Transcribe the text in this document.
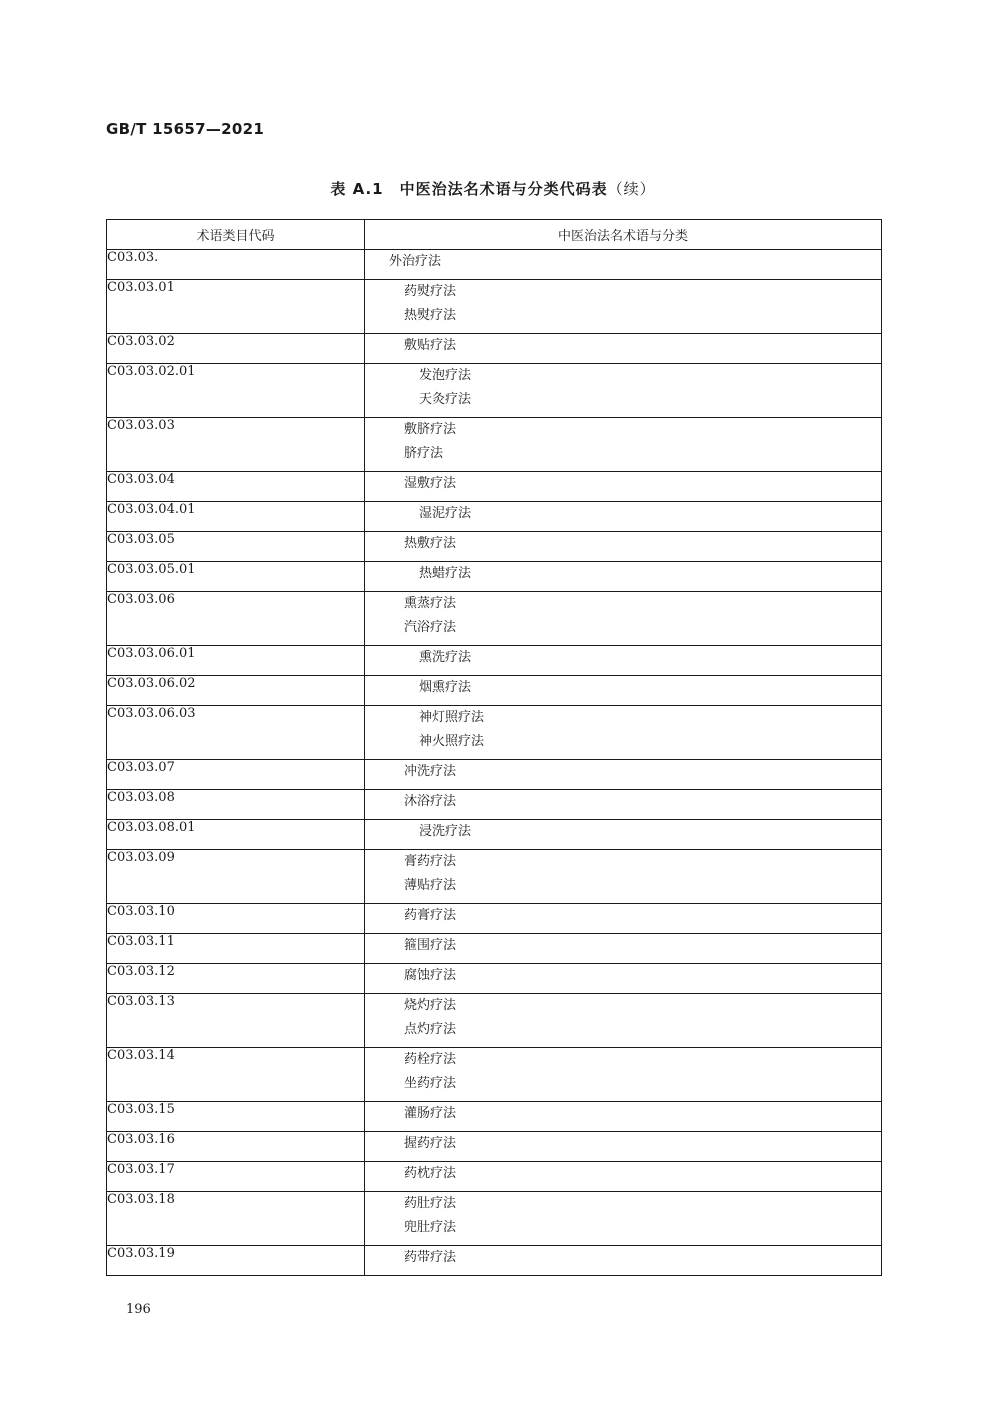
GB/T 15657—2021
表 A.1　中医治法名术语与分类代码表（续）
术语类目代码	中医治法名术语与分类
C03.03.	外治疗法

C03.03.01	药熨疗法
热熨疗法

C03.03.02	敷贴疗法

C03.03.02.01	发泡疗法
天灸疗法

C03.03.03	敷脐疗法
脐疗法

C03.03.04	湿敷疗法

C03.03.04.01	湿泥疗法

C03.03.05	热敷疗法

C03.03.05.01	热蜡疗法

C03.03.06	熏蒸疗法
汽浴疗法

C03.03.06.01	熏洗疗法

C03.03.06.02	烟熏疗法

C03.03.06.03	神灯照疗法
神火照疗法

C03.03.07	冲洗疗法

C03.03.08	沐浴疗法

C03.03.08.01	浸洗疗法

C03.03.09	膏药疗法
薄贴疗法

C03.03.10	药膏疗法

C03.03.11	箍围疗法

C03.03.12	腐蚀疗法

C03.03.13	烧灼疗法
点灼疗法

C03.03.14	药栓疗法
坐药疗法

C03.03.15	灌肠疗法

C03.03.16	握药疗法

C03.03.17	药枕疗法

C03.03.18	药肚疗法
兜肚疗法

C03.03.19	药带疗法
196
